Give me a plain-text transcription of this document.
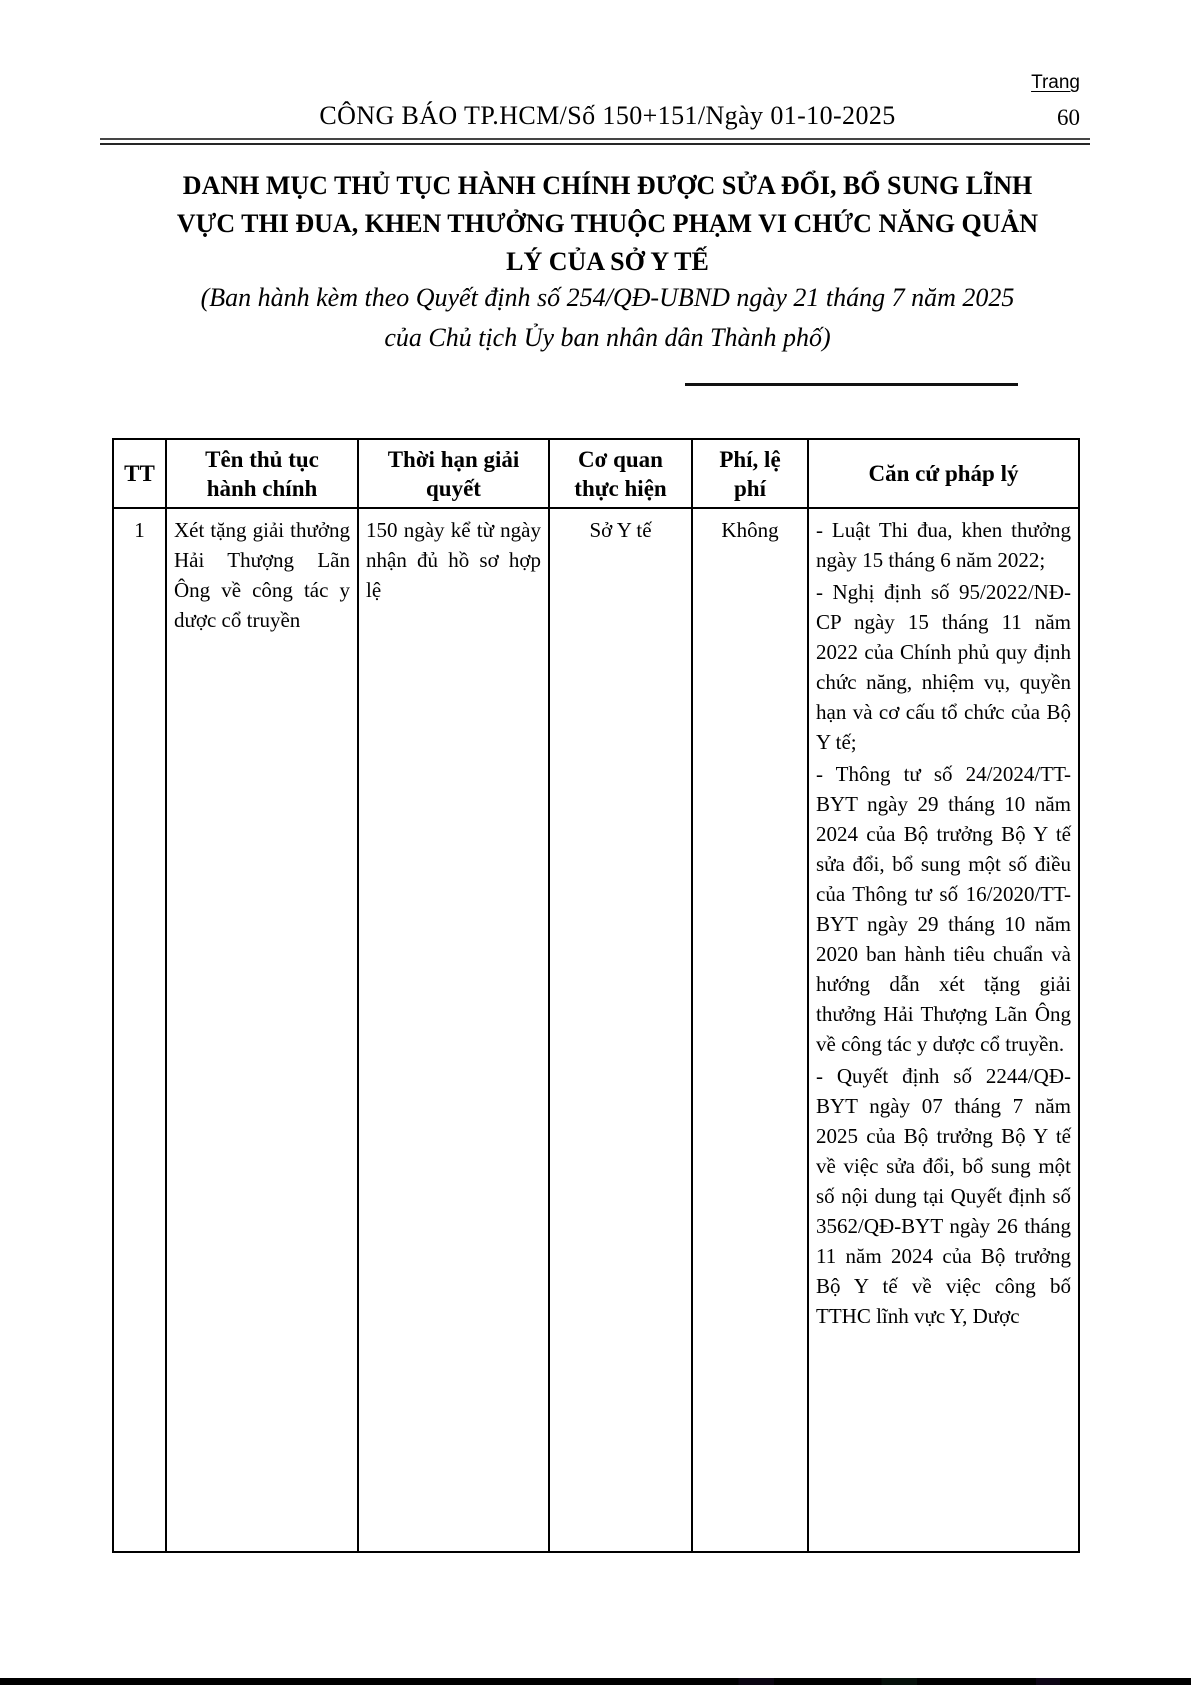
Trang
CÔNG BÁO TP.HCM/Số 150+151/Ngày 01-10-2025	60
DANH MỤC THỦ TỤC HÀNH CHÍNH ĐƯỢC SỬA ĐỔI, BỔ SUNG LĨNH
VỰC THI ĐUA, KHEN THƯỞNG THUỘC PHẠM VI CHỨC NĂNG QUẢN
LÝ CỦA SỞ Y TẾ
(Ban hành kèm theo Quyết định số 254/QĐ-UBND ngày 21 tháng 7 năm 2025
của Chủ tịch Ủy ban nhân dân Thành phố)
TT	Tên thủ tục hành chính	Thời hạn giải quyết	Cơ quan thực hiện	Phí, lệ phí	Căn cứ pháp lý
1	Xét tặng giải thưởng Hải Thượng Lãn Ông về công tác y dược cổ truyền	150 ngày kể từ ngày nhận đủ hồ sơ hợp lệ	Sở Y tế	Không	- Luật Thi đua, khen thưởng ngày 15 tháng 6 năm 2022;
- Nghị định số 95/2022/NĐ-CP ngày 15 tháng 11 năm 2022 của Chính phủ quy định chức năng, nhiệm vụ, quyền hạn và cơ cấu tổ chức của Bộ Y tế;
- Thông tư số 24/2024/TT-BYT ngày 29 tháng 10 năm 2024 của Bộ trưởng Bộ Y tế sửa đổi, bổ sung một số điều của Thông tư số 16/2020/TT-BYT ngày 29 tháng 10 năm 2020 ban hành tiêu chuẩn và hướng dẫn xét tặng giải thưởng Hải Thượng Lãn Ông về công tác y dược cổ truyền.
- Quyết định số 2244/QĐ-BYT ngày 07 tháng 7 năm 2025 của Bộ trưởng Bộ Y tế về việc sửa đổi, bổ sung một số nội dung tại Quyết định số 3562/QĐ-BYT ngày 26 tháng 11 năm 2024 của Bộ trưởng Bộ Y tế về việc công bố TTHC lĩnh vực Y, Dược
